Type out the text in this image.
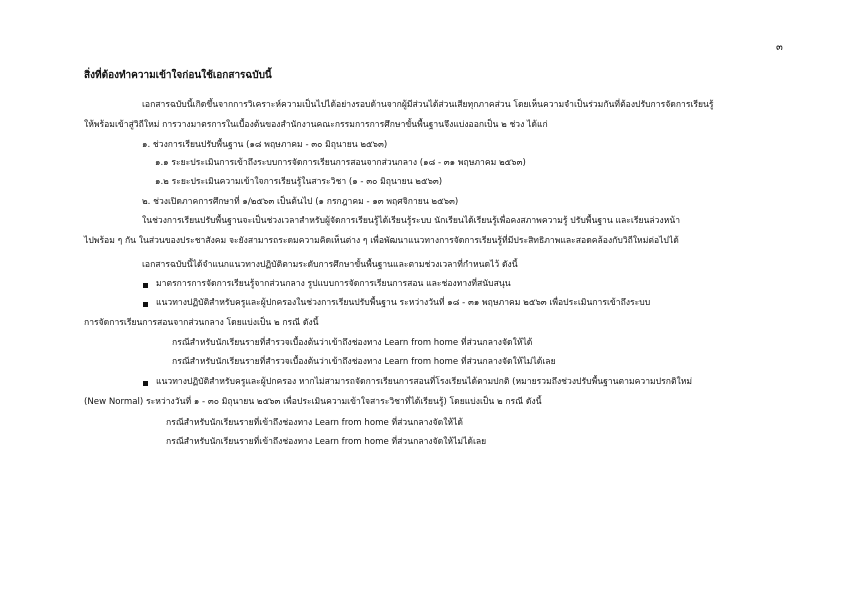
๓
สิ่งที่ต้องทำความเข้าใจก่อนใช้เอกสารฉบับนี้
เอกสารฉบับนี้เกิดขึ้นจากการวิเคราะห์ความเป็นไปได้อย่างรอบด้านจากผู้มีส่วนได้ส่วนเสียทุกภาคส่วน โดยเห็นความจำเป็นร่วมกันที่ต้องปรับการจัดการเรียนรู้
ให้พร้อมเข้าสู่วิถีใหม่ การวางมาตรการในเบื้องต้นของสำนักงานคณะกรรมการการศึกษาขั้นพื้นฐานจึงแบ่งออกเป็น ๒ ช่วง ได้แก่
๑. ช่วงการเรียนปรับพื้นฐาน (๑๘ พฤษภาคม - ๓๐ มิถุนายน ๒๕๖๓)
๑.๑ ระยะประเมินการเข้าถึงระบบการจัดการเรียนการสอนจากส่วนกลาง (๑๘ - ๓๑ พฤษภาคม ๒๕๖๓)
๑.๒ ระยะประเมินความเข้าใจการเรียนรู้ในสาระวิชา (๑ - ๓๐ มิถุนายน ๒๕๖๓)
๒. ช่วงเปิดภาคการศึกษาที่ ๑/๒๕๖๓ เป็นต้นไป (๑ กรกฎาคม - ๑๓ พฤศจิกายน ๒๕๖๓)
ในช่วงการเรียนปรับพื้นฐานจะเป็นช่วงเวลาสำหรับผู้จัดการเรียนรู้ได้เรียนรู้ระบบ นักเรียนได้เรียนรู้เพื่อคงสภาพความรู้ ปรับพื้นฐาน และเรียนล่วงหน้า
ไปพร้อม ๆ กัน ในส่วนของประชาสังคม จะยังสามารถระดมความคิดเห็นต่าง ๆ เพื่อพัฒนาแนวทางการจัดการเรียนรู้ที่มีประสิทธิภาพและสอดคล้องกับวิถีใหม่ต่อไปได้
เอกสารฉบับนี้ได้จำแนกแนวทางปฏิบัติตามระดับการศึกษาขั้นพื้นฐานและตามช่วงเวลาที่กำหนดไว้ ดังนี้
มาตรการการจัดการเรียนรู้จากส่วนกลาง รูปแบบการจัดการเรียนการสอน และช่องทางที่สนับสนุน
แนวทางปฏิบัติสำหรับครูและผู้ปกครองในช่วงการเรียนปรับพื้นฐาน ระหว่างวันที่ ๑๘ - ๓๑ พฤษภาคม ๒๕๖๓ เพื่อประเมินการเข้าถึงระบบ
การจัดการเรียนการสอนจากส่วนกลาง โดยแบ่งเป็น ๒ กรณี ดังนี้
กรณีสำหรับนักเรียนรายที่สำรวจเบื้องต้นว่าเข้าถึงช่องทาง Learn from home ที่ส่วนกลางจัดให้ได้
กรณีสำหรับนักเรียนรายที่สำรวจเบื้องต้นว่าเข้าถึงช่องทาง Learn from home ที่ส่วนกลางจัดให้ไม่ได้เลย
แนวทางปฏิบัติสำหรับครูและผู้ปกครอง หากไม่สามารถจัดการเรียนการสอนที่โรงเรียนได้ตามปกติ (หมายรวมถึงช่วงปรับพื้นฐานตามความปรกติใหม่
(New Normal) ระหว่างวันที่ ๑ - ๓๐ มิถุนายน ๒๕๖๓ เพื่อประเมินความเข้าใจสาระวิชาที่ได้เรียนรู้) โดยแบ่งเป็น ๒ กรณี ดังนี้
กรณีสำหรับนักเรียนรายที่เข้าถึงช่องทาง Learn from home ที่ส่วนกลางจัดให้ได้
กรณีสำหรับนักเรียนรายที่เข้าถึงช่องทาง Learn from home ที่ส่วนกลางจัดให้ไม่ได้เลย
